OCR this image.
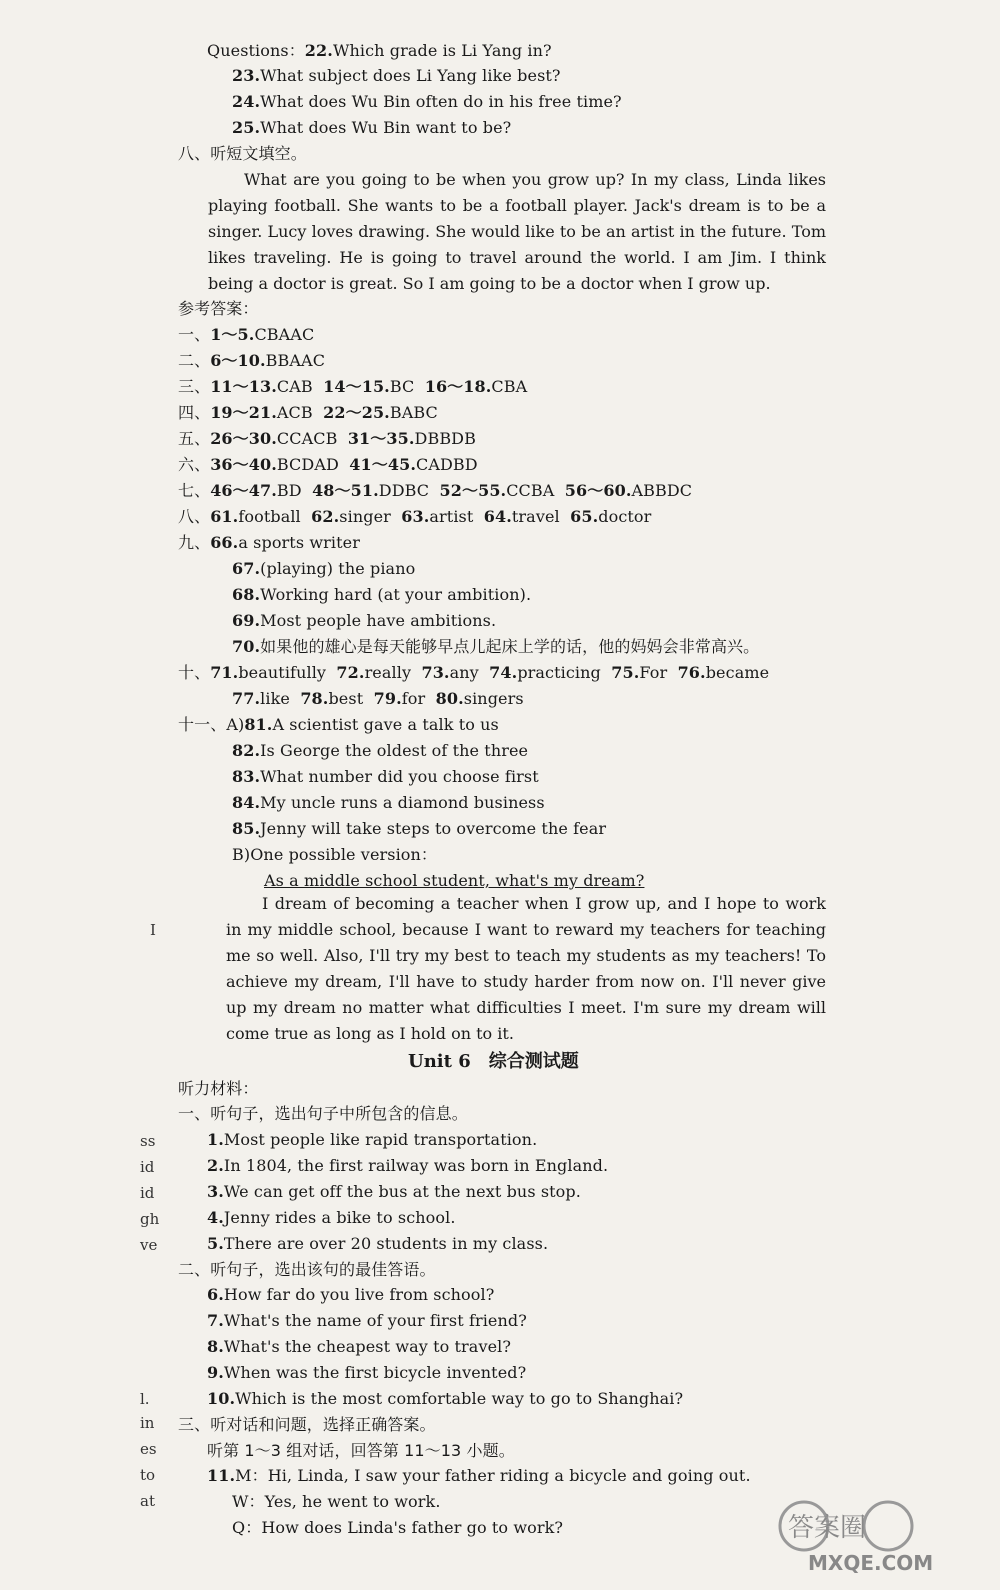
Questions：22.Which grade is Li Yang in?
23.What subject does Li Yang like best?
24.What does Wu Bin often do in his free time?
25.What does Wu Bin want to be?
八、听短文填空。
What are you going to be when you grow up? In my class, Linda likes playing football. She wants to be a football player. Jack's dream is to be a singer. Lucy loves drawing. She would like to be an artist in the future. Tom likes traveling. He is going to travel around the world. I am Jim. I think being a doctor is great. So I am going to be a doctor when I grow up.
参考答案：
一、1～5.CBAAC
二、6～10.BBAAC
三、11～13.CAB 14～15.BC 16～18.CBA
四、19～21.ACB 22～25.BABC
五、26～30.CCACB 31～35.DBBDB
六、36～40.BCDAD 41～45.CADBD
七、46～47.BD 48～51.DDBC 52～55.CCBA 56～60.ABBDC
八、61.football 62.singer 63.artist 64.travel 65.doctor
九、66.a sports writer
67.(playing) the piano
68.Working hard (at your ambition).
69.Most people have ambitions.
70.如果他的雄心是每天能够早点儿起床上学的话，他的妈妈会非常高兴。
十、71.beautifully 72.really 73.any 74.practicing 75.For 76.became
77.like 78.best 79.for 80.singers
十一、A)81.A scientist gave a talk to us
82.Is George the oldest of the three
83.What number did you choose first
84.My uncle runs a diamond business
85.Jenny will take steps to overcome the fear
B)One possible version：
As a middle school student, what's my dream?
I dream of becoming a teacher when I grow up, and I hope to work in my middle school, because I want to reward my teachers for teaching me so well. Also, I'll try my best to teach my students as my teachers! To achieve my dream, I'll have to study harder from now on. I'll never give up my dream no matter what difficulties I meet. I'm sure my dream will come true as long as I hold on to it.
Unit 6　综合测试题
听力材料：
一、听句子，选出句子中所包含的信息。
1.Most people like rapid transportation.
2.In 1804, the first railway was born in England.
3.We can get off the bus at the next bus stop.
4.Jenny rides a bike to school.
5.There are over 20 students in my class.
二、听句子，选出该句的最佳答语。
6.How far do you live from school?
7.What's the name of your first friend?
8.What's the cheapest way to travel?
9.When was the first bicycle invented?
10.Which is the most comfortable way to go to Shanghai?
三、听对话和问题，选择正确答案。
听第 1～3 组对话，回答第 11～13 小题。
11.M：Hi, Linda, I saw your father riding a bicycle and going out.
W：Yes, he went to work.
Q：How does Linda's father go to work?
I
ss
id
id
gh
ve
l.
in
es
to
at
答案圈
MXQE.COM
